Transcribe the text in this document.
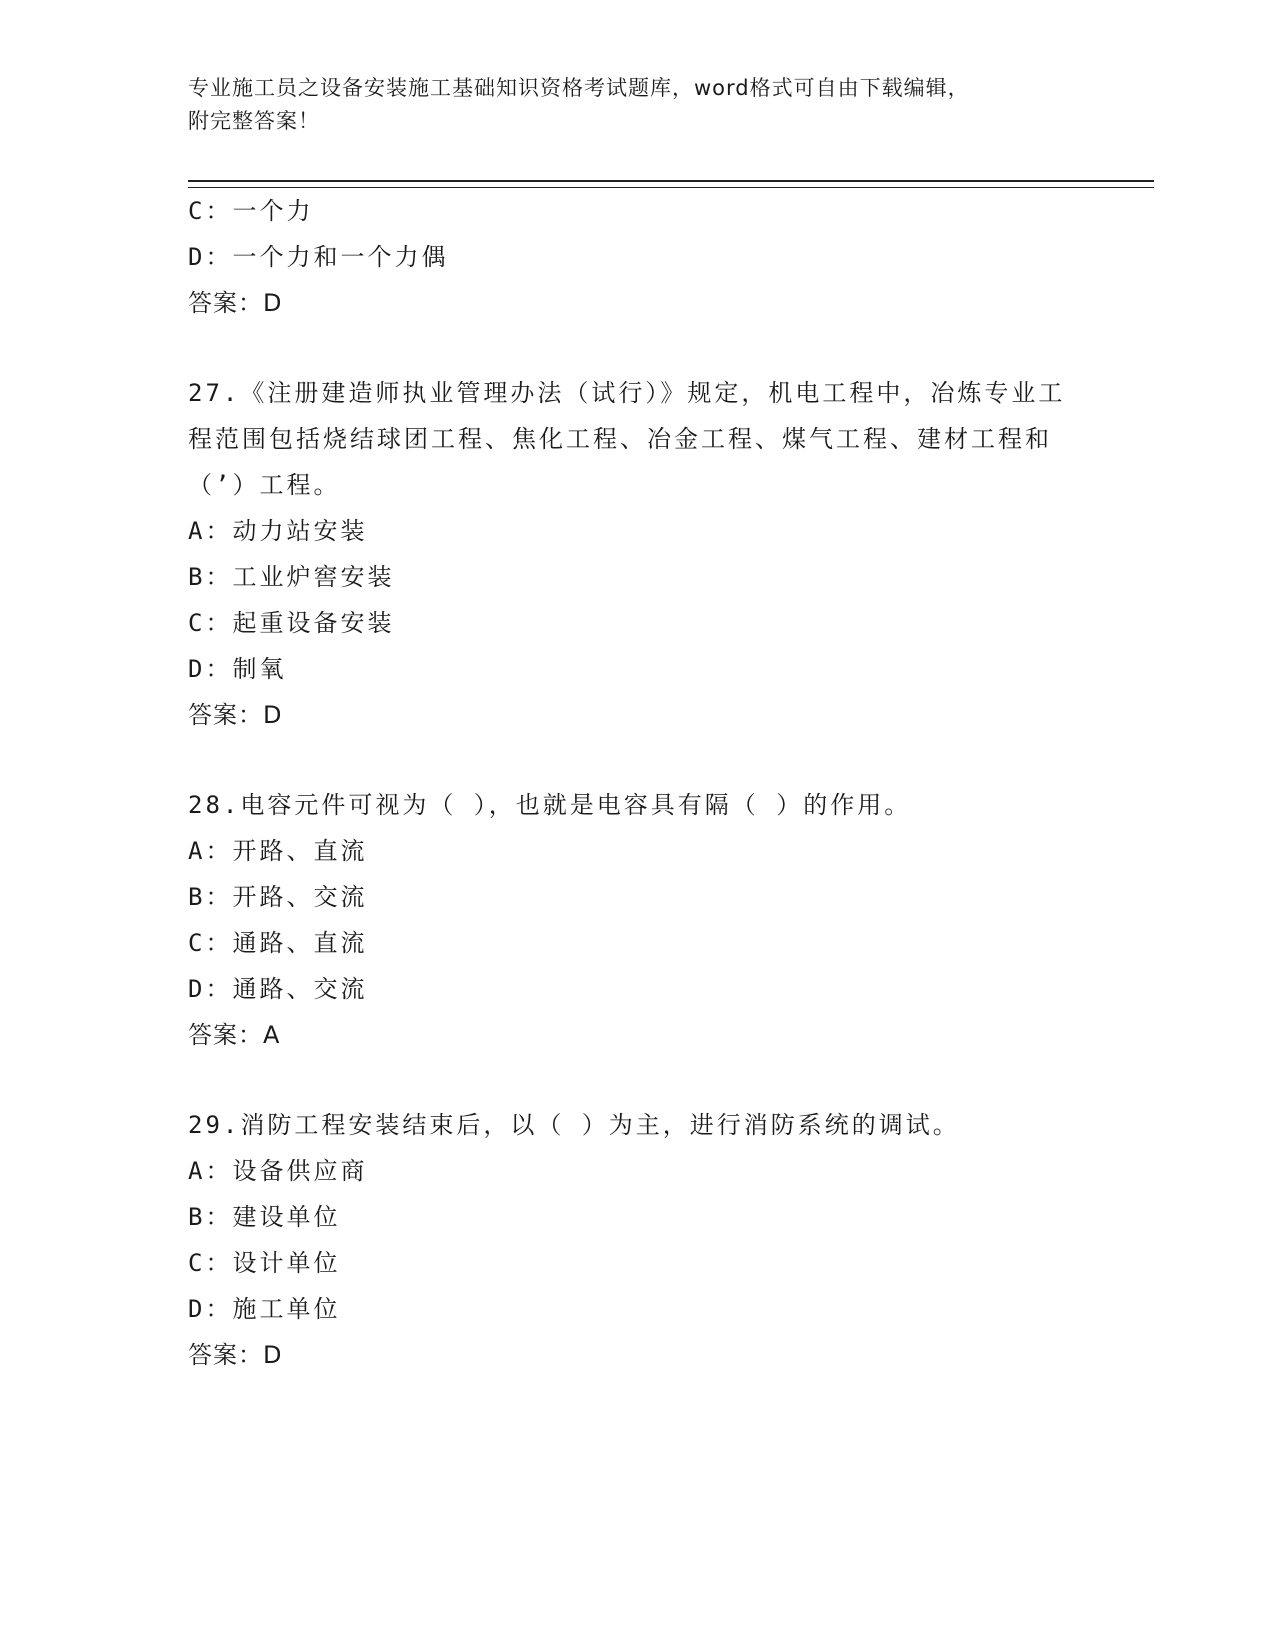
专业施工员之设备安装施工基础知识资格考试题库，word格式可自由下载编辑，
附完整答案！
C：一个力
D：一个力和一个力偶
答案：D
27.《注册建造师执业管理办法（试行）》规定，机电工程中，冶炼专业工程范围包括烧结球团工程、焦化工程、冶金工程、煤气工程、建材工程和（’）工程。
A：动力站安装
B：工业炉窖安装
C：起重设备安装
D：制氧
答案：D
28.电容元件可视为（ ），也就是电容具有隔（ ）的作用。
A：开路、直流
B：开路、交流
C：通路、直流
D：通路、交流
答案：A
29.消防工程安装结束后，以（ ）为主，进行消防系统的调试。
A：设备供应商
B：建设单位
C：设计单位
D：施工单位
答案：D
